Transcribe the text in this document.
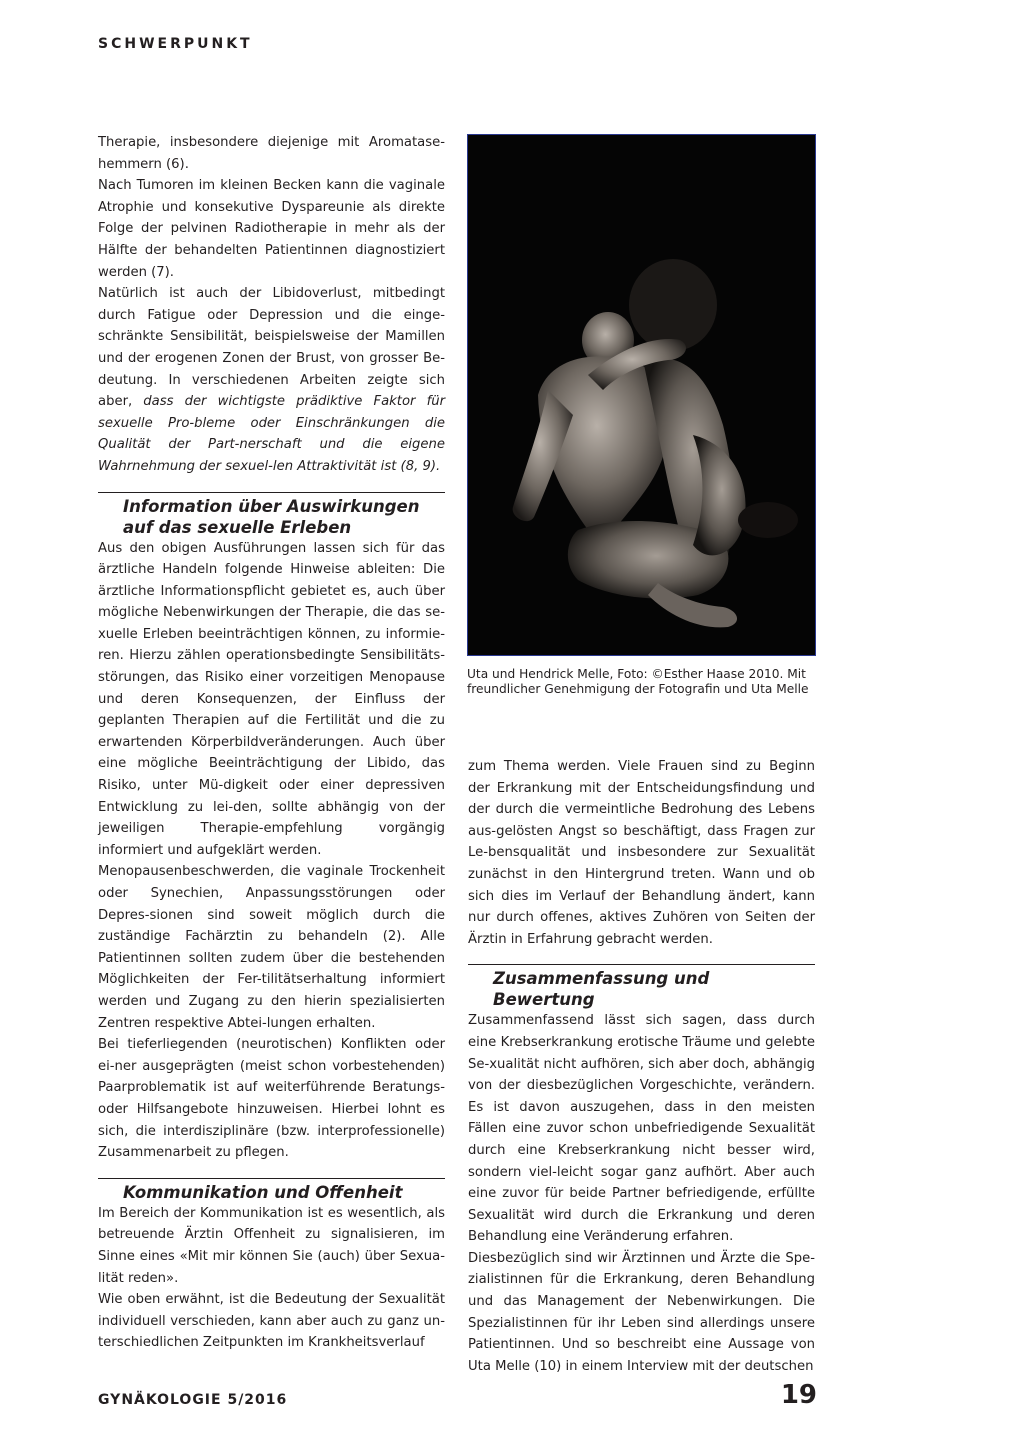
SCHWERPUNKT

Therapie, insbesondere diejenige mit Aromatase-hemmern (6).

Nach Tumoren im kleinen Becken kann die vaginale Atrophie und konsekutive Dyspareunie als direkte Folge der pelvinen Radiotherapie in mehr als der Hälfte der behandelten Patientinnen diagnostiziert werden (7).

Natürlich ist auch der Libidoverlust, mitbedingt durch Fatigue oder Depression und die einge-schränkte Sensibilität, beispielsweise der Mamillen und der erogenen Zonen der Brust, von grosser Be-deutung. In verschiedenen Arbeiten zeigte sich aber, dass der wichtigste prädiktive Faktor für sexuelle Pro-bleme oder Einschränkungen die Qualität der Part-nerschaft und die eigene Wahrnehmung der sexuel-len Attraktivität ist (8, 9).

Information über Auswirkungen auf das sexuelle Erleben

Aus den obigen Ausführungen lassen sich für das ärztliche Handeln folgende Hinweise ableiten: Die ärztliche Informationspflicht gebietet es, auch über mögliche Nebenwirkungen der Therapie, die das se-xuelle Erleben beeinträchtigen können, zu informie-ren. Hierzu zählen operationsbedingte Sensibilitäts-störungen, das Risiko einer vorzeitigen Menopause und deren Konsequenzen, der Einfluss der geplanten Therapien auf die Fertilität und die zu erwartenden Körperbildveränderungen. Auch über eine mögliche Beeinträchtigung der Libido, das Risiko, unter Mü-digkeit oder einer depressiven Entwicklung zu lei-den, sollte abhängig von der jeweiligen Therapie-empfehlung vorgängig informiert und aufgeklärt werden.

Menopausenbeschwerden, die vaginale Trockenheit oder Synechien, Anpassungsstörungen oder Depres-sionen sind soweit möglich durch die zuständige Fachärztin zu behandeln (2). Alle Patientinnen sollten zudem über die bestehenden Möglichkeiten der Fer-tilitätserhaltung informiert werden und Zugang zu den hierin spezialisierten Zentren respektive Abtei-lungen erhalten.

Bei tieferliegenden (neurotischen) Konflikten oder ei-ner ausgeprägten (meist schon vorbestehenden) Paarproblematik ist auf weiterführende Beratungs-oder Hilfsangebote hinzuweisen. Hierbei lohnt es sich, die interdisziplinäre (bzw. interprofessionelle) Zusammenarbeit zu pflegen.

Kommunikation und Offenheit

Im Bereich der Kommunikation ist es wesentlich, als betreuende Ärztin Offenheit zu signalisieren, im Sinne eines «Mit mir können Sie (auch) über Sexua-lität reden».

Wie oben erwähnt, ist die Bedeutung der Sexualität individuell verschieden, kann aber auch zu ganz un-terschiedlichen Zeitpunkten im Krankheitsverlauf

Uta und Hendrick Melle, Foto: ©Esther Haase 2010. Mit freundlicher Genehmigung der Fotografin und Uta Melle

zum Thema werden. Viele Frauen sind zu Beginn der Erkrankung mit der Entscheidungsfindung und der durch die vermeintliche Bedrohung des Lebens aus-gelösten Angst so beschäftigt, dass Fragen zur Le-bensqualität und insbesondere zur Sexualität zunächst in den Hintergrund treten. Wann und ob sich dies im Verlauf der Behandlung ändert, kann nur durch offenes, aktives Zuhören von Seiten der Ärztin in Erfahrung gebracht werden.

Zusammenfassung und Bewertung

Zusammenfassend lässt sich sagen, dass durch eine Krebserkrankung erotische Träume und gelebte Se-xualität nicht aufhören, sich aber doch, abhängig von der diesbezüglichen Vorgeschichte, verändern. Es ist davon auszugehen, dass in den meisten Fällen eine zuvor schon unbefriedigende Sexualität durch eine Krebserkrankung nicht besser wird, sondern viel-leicht sogar ganz aufhört. Aber auch eine zuvor für beide Partner befriedigende, erfüllte Sexualität wird durch die Erkrankung und deren Behandlung eine Veränderung erfahren.

Diesbezüglich sind wir Ärztinnen und Ärzte die Spe-zialistinnen für die Erkrankung, deren Behandlung und das Management der Nebenwirkungen. Die Spezialistinnen für ihr Leben sind allerdings unsere Patientinnen. Und so beschreibt eine Aussage von Uta Melle (10) in einem Interview mit der deutschen

GYNÄKOLOGIE 5/2016	19
